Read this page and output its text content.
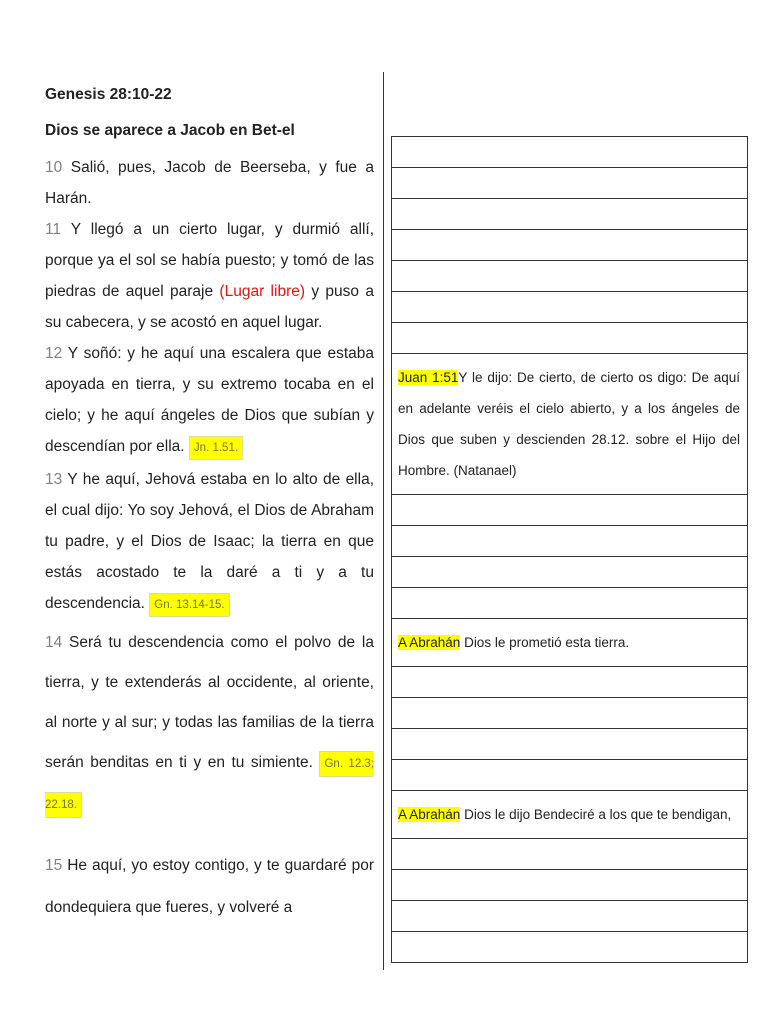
Genesis 28:10-22

Dios se aparece a Jacob en Bet-el

10 Salió, pues, Jacob de Beerseba, y fue a Harán.

11 Y llegó a un cierto lugar, y durmió allí, porque ya el sol se había puesto; y tomó de las piedras de aquel paraje (Lugar libre) y puso a su cabecera, y se acostó en aquel lugar.

12 Y soñó: y he aquí una escalera que estaba apoyada en tierra, y su extremo tocaba en el cielo; y he aquí ángeles de Dios que subían y descendían por ella. Jn. 1.51.

13 Y he aquí, Jehová estaba en lo alto de ella, el cual dijo: Yo soy Jehová, el Dios de Abraham tu padre, y el Dios de Isaac; la tierra en que estás acostado te la daré a ti y a tu descendencia. Gn. 13.14-15.

14 Será tu descendencia como el polvo de la tierra, y te extenderás al occidente, al oriente, al norte y al sur; y todas las familias de la tierra serán benditas en ti y en tu simiente. Gn. 12.3; 22.18.

15 He aquí, yo estoy contigo, y te guardaré por dondequiera que fueres, y volveré a

Juan 1:51Y le dijo: De cierto, de cierto os digo: De aquí en adelante veréis el cielo abierto, y a los ángeles de Dios que suben y descienden 28.12. sobre el Hijo del Hombre. (Natanael)
A Abrahán Dios le prometió esta tierra.
A Abrahán Dios le dijo Bendeciré a los que te bendigan,
